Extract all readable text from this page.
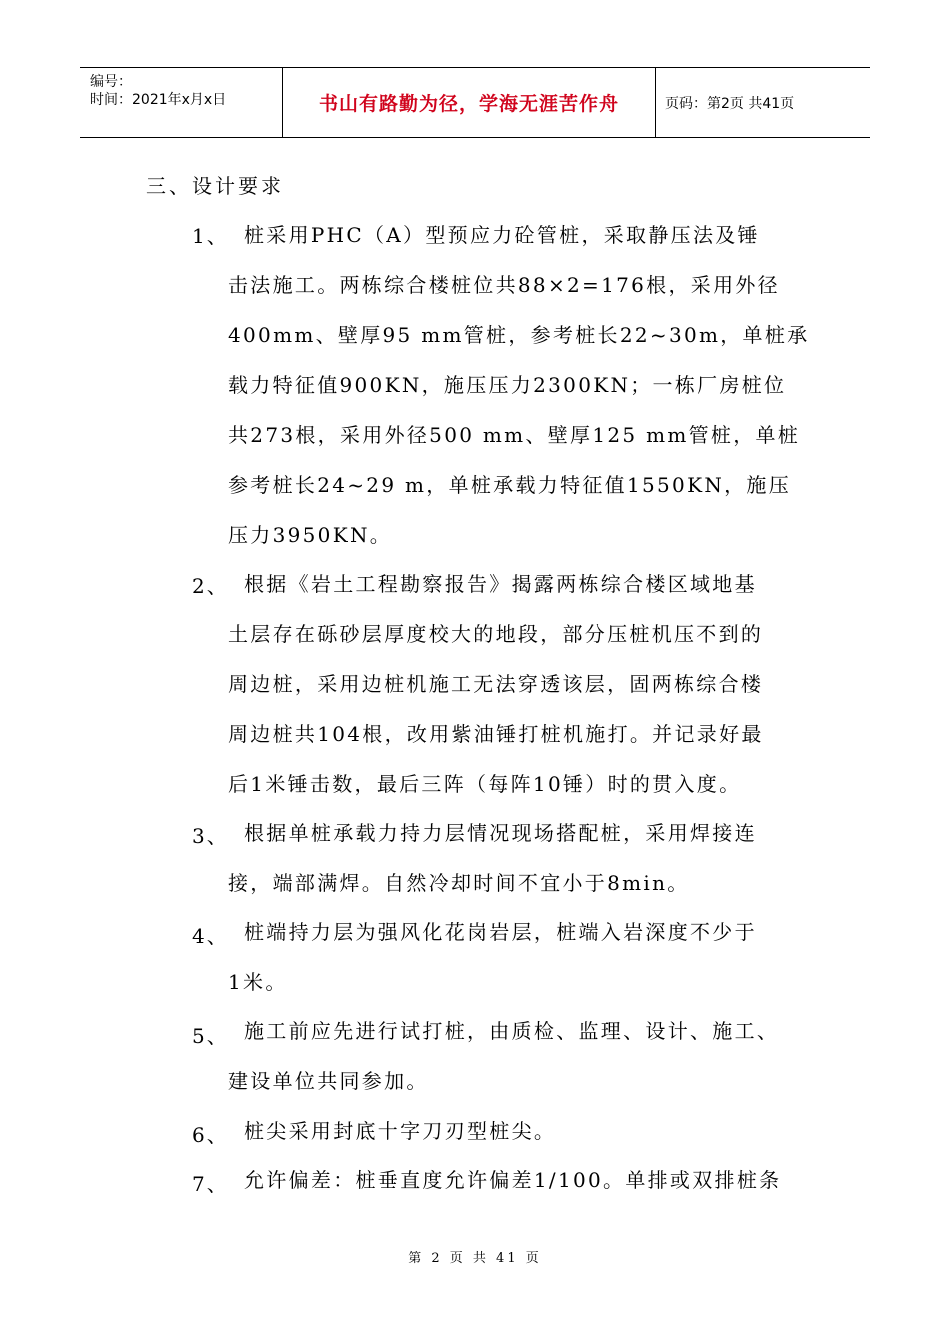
编号：
时间：2021年x月x日	书山有路勤为径，学海无涯苦作舟	页码：第2页 共41页
三、设计要求
1、 桩采用PHC（A）型预应力砼管桩，采取静压法及锤
击法施工。两栋综合楼桩位共88×2=176根，采用外径
400mm、壁厚95 mm管桩，参考桩长22~30m，单桩承
载力特征值900KN，施压压力2300KN；一栋厂房桩位
共273根，采用外径500 mm、壁厚125 mm管桩，单桩
参考桩长24~29 m，单桩承载力特征值1550KN，施压
压力3950KN。
2、 根据《岩土工程勘察报告》揭露两栋综合楼区域地基
土层存在砾砂层厚度校大的地段，部分压桩机压不到的
周边桩，采用边桩机施工无法穿透该层，固两栋综合楼
周边桩共104根，改用紫油锤打桩机施打。并记录好最
后1米锤击数，最后三阵（每阵10锤）时的贯入度。
3、 根据单桩承载力持力层情况现场搭配桩，采用焊接连
接，端部满焊。自然冷却时间不宜小于8min。
4、 桩端持力层为强风化花岗岩层，桩端入岩深度不少于
1米。
5、 施工前应先进行试打桩，由质检、监理、设计、施工、
建设单位共同参加。
6、 桩尖采用封底十字刀刃型桩尖。
7、 允许偏差：桩垂直度允许偏差1/100。单排或双排桩条
第 2 页 共 41 页
